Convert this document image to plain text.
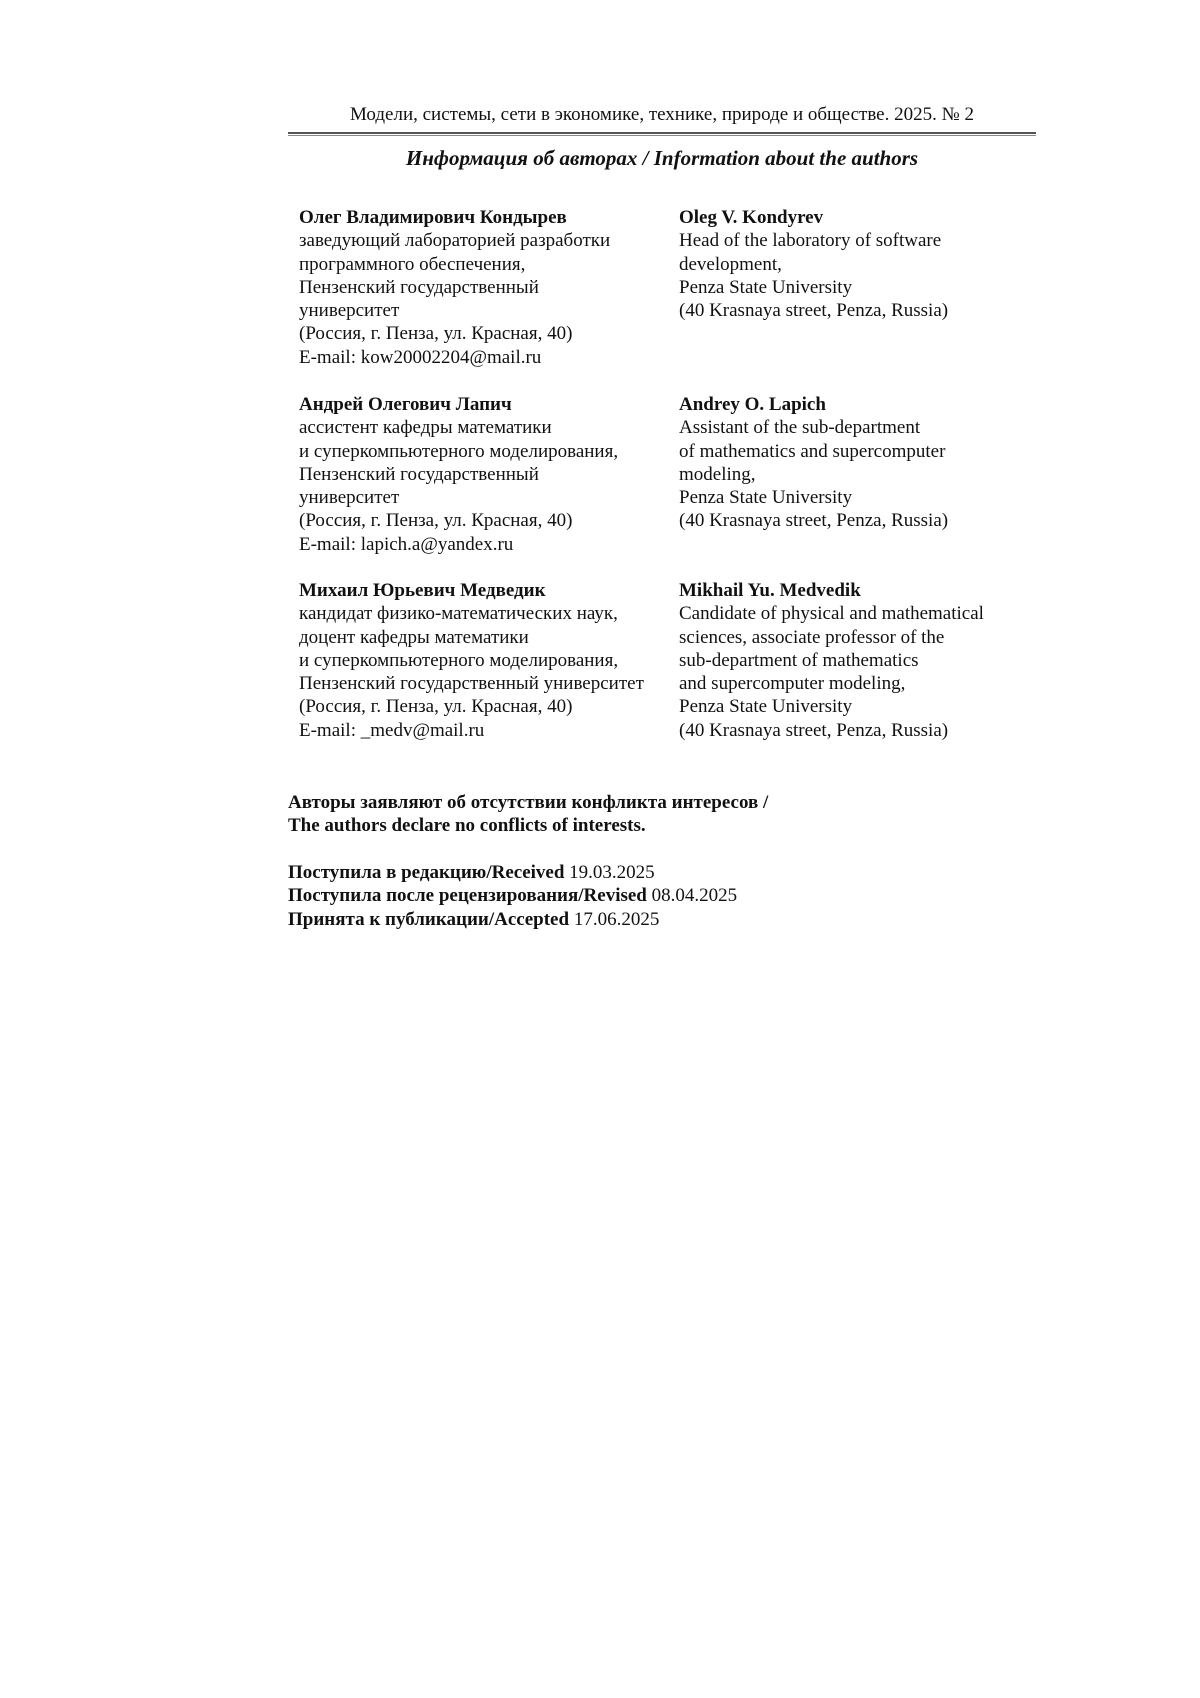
Модели, системы, сети в экономике, технике, природе и обществе. 2025. № 2
Информация об авторах / Information about the authors
Олег Владимирович Кондырев
заведующий лабораторией разработки
программного обеспечения,
Пензенский государственный
университет
(Россия, г. Пенза, ул. Красная, 40)
E-mail: kow20002204@mail.ru
Oleg V. Kondyrev
Head of the laboratory of software
development,
Penza State University
(40 Krasnaya street, Penza, Russia)
Андрей Олегович Лапич
ассистент кафедры математики
и суперкомпьютерного моделирования,
Пензенский государственный
университет
(Россия, г. Пенза, ул. Красная, 40)
E-mail: lapich.a@yandex.ru
Andrey O. Lapich
Assistant of the sub-department
of mathematics and supercomputer
modeling,
Penza State University
(40 Krasnaya street, Penza, Russia)
Михаил Юрьевич Медведик
кандидат физико-математических наук,
доцент кафедры математики
и суперкомпьютерного моделирования,
Пензенский государственный университет
(Россия, г. Пенза, ул. Красная, 40)
E-mail: _medv@mail.ru
Mikhail Yu. Medvedik
Candidate of physical and mathematical
sciences, associate professor of the
sub-department of mathematics
and supercomputer modeling,
Penza State University
(40 Krasnaya street, Penza, Russia)
Авторы заявляют об отсутствии конфликта интересов /
The authors declare no conflicts of interests.
Поступила в редакцию/Received 19.03.2025
Поступила после рецензирования/Revised 08.04.2025
Принята к публикации/Accepted 17.06.2025
